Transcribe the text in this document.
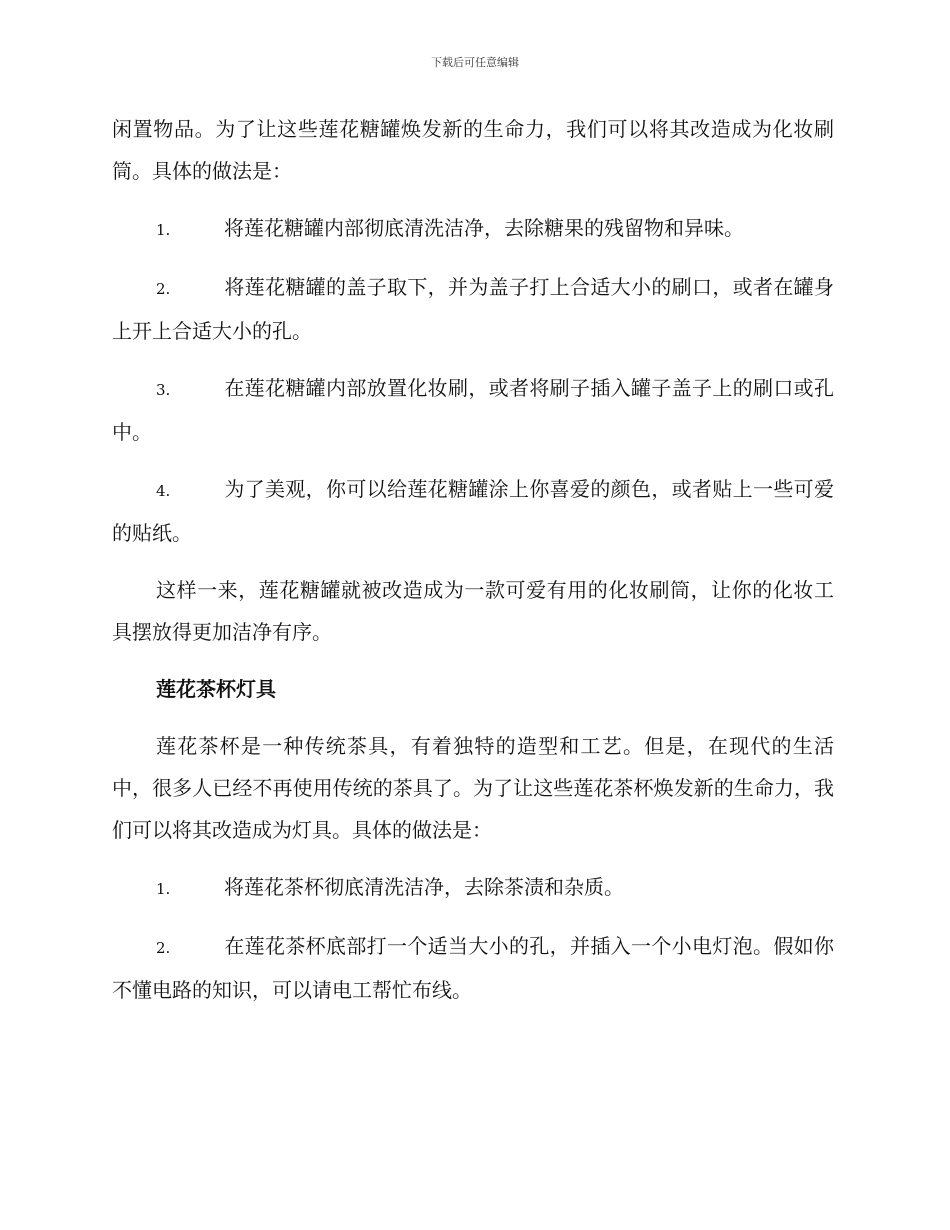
下载后可任意编辑

闲置物品。为了让这些莲花糖罐焕发新的生命力，我们可以将其改造成为化妆刷筒。具体的做法是：

1.	将莲花糖罐内部彻底清洗洁净，去除糖果的残留物和异味。

2.	将莲花糖罐的盖子取下，并为盖子打上合适大小的刷口，或者在罐身上开上合适大小的孔。

3.	在莲花糖罐内部放置化妆刷，或者将刷子插入罐子盖子上的刷口或孔中。

4.	为了美观，你可以给莲花糖罐涂上你喜爱的颜色，或者贴上一些可爱的贴纸。

这样一来，莲花糖罐就被改造成为一款可爱有用的化妆刷筒，让你的化妆工具摆放得更加洁净有序。

莲花茶杯灯具

莲花茶杯是一种传统茶具，有着独特的造型和工艺。但是，在现代的生活中，很多人已经不再使用传统的茶具了。为了让这些莲花茶杯焕发新的生命力，我们可以将其改造成为灯具。具体的做法是：

1.	将莲花茶杯彻底清洗洁净，去除茶渍和杂质。

2.	在莲花茶杯底部打一个适当大小的孔，并插入一个小电灯泡。假如你不懂电路的知识，可以请电工帮忙布线。
